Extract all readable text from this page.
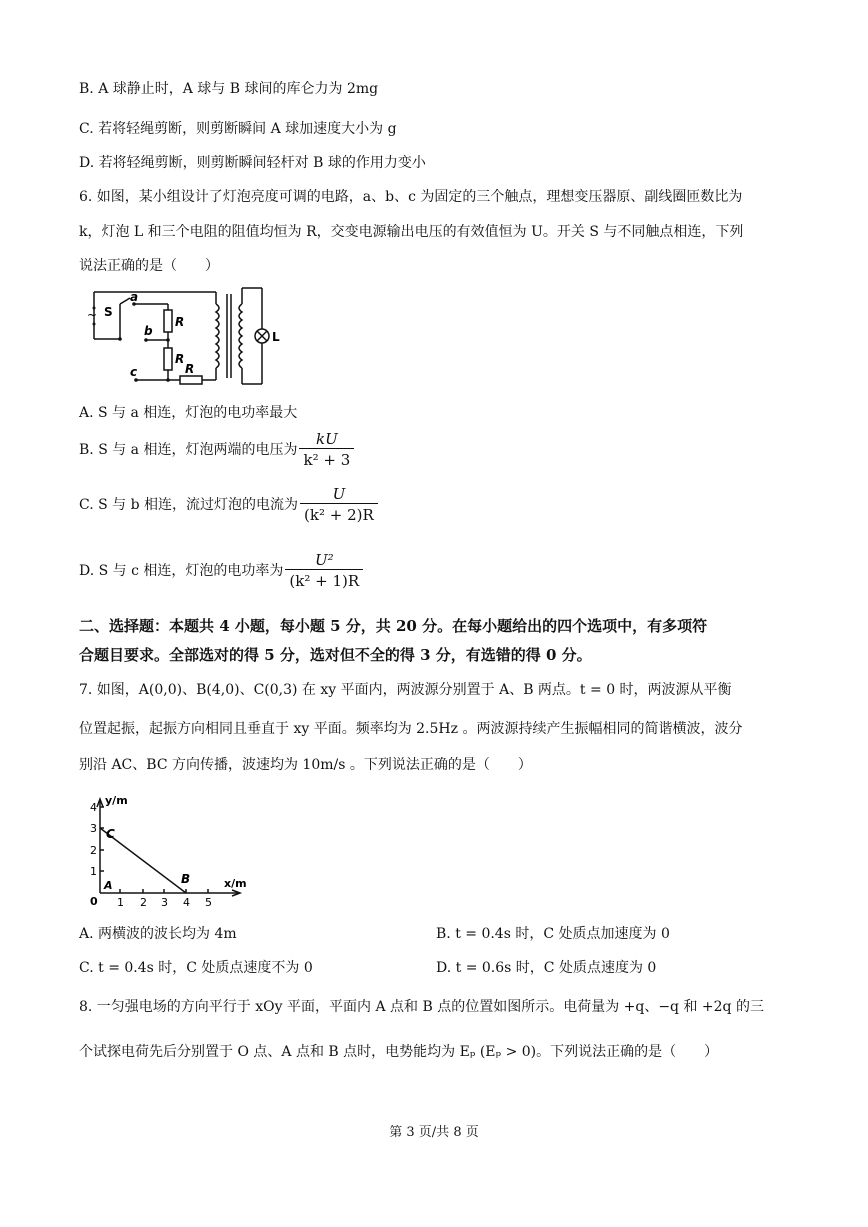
B. A 球静止时，A 球与 B 球间的库仑力为 2mg
C. 若将轻绳剪断，则剪断瞬间 A 球加速度大小为 g
D. 若将轻绳剪断，则剪断瞬间轻杆对 B 球的作用力变小
6. 如图，某小组设计了灯泡亮度可调的电路，a、b、c 为固定的三个触点，理想变压器原、副线圈匝数比为
k，灯泡 L 和三个电阻的阻值均恒为 R，交变电源输出电压的有效值恒为 U。开关 S 与不同触点相连，下列
说法正确的是（　　）
~ S
a
b
c
R
R
R
L
A. S 与 a 相连，灯泡的电功率最大
B. S 与 a 相连，灯泡两端的电压为 $\frac{kU}{\text{k² + 3}}$
C. S 与 b 相连，流过灯泡的电流为 $\frac{U}{\text{(k² + 2)R}}$
D. S 与 c 相连，灯泡的电功率为 $\frac{\text{U²}}{\text{(k² + 1)R}}$
二、选择题：本题共 4 小题，每小题 5 分，共 20 分。在每小题给出的四个选项中，有多项符
合题目要求。全部选对的得 5 分，选对但不全的得 3 分，有选错的得 0 分。
7. 如图，A(0,0)、B(4,0)、C(0,3) 在 xy 平面内，两波源分别置于 A、B 两点。t = 0 时，两波源从平衡
位置起振，起振方向相同且垂直于 xy 平面。频率均为 2.5Hz 。两波源持续产生振幅相同的简谐横波，波分
别沿 AC、BC 方向传播，波速均为 10m/s 。下列说法正确的是（　　）
y/m
x/m
0 1 2 3 4 5
1
2
3
4
A	B
C
A. 两横波的波长均为 4m	B. t = 0.4s 时，C 处质点加速度为 0
C. t = 0.4s 时，C 处质点速度不为 0	D. t = 0.6s 时，C 处质点速度为 0
8. 一匀强电场的方向平行于 xOy 平面，平面内 A 点和 B 点的位置如图所示。电荷量为 +q、−q 和 +2q 的三
个试探电荷先后分别置于 O 点、A 点和 B 点时，电势能均为 Eₚ (Eₚ > 0)。下列说法正确的是（　　）
第 3 页/共 8 页
